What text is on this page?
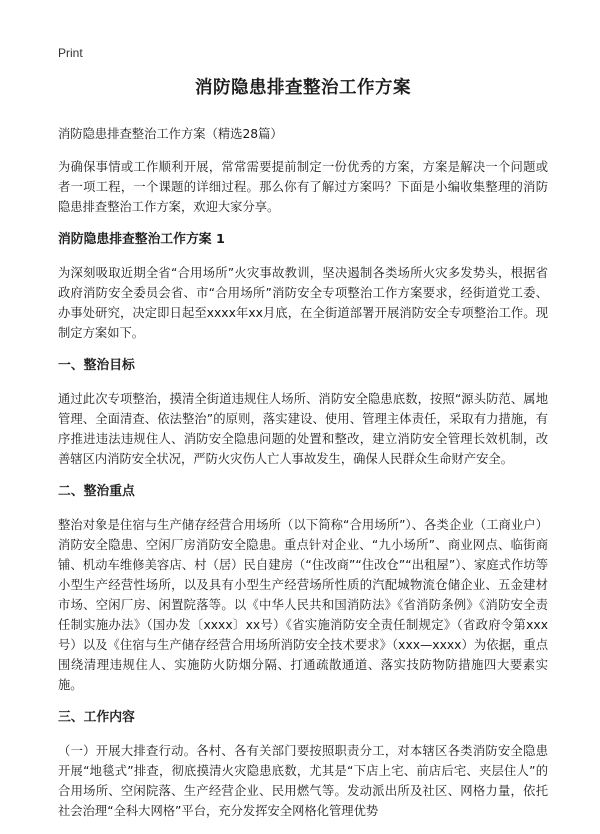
Print
消防隐患排查整治工作方案
消防隐患排查整治工作方案（精选28篇）

为确保事情或工作顺利开展，常常需要提前制定一份优秀的方案，方案是解决一个问题或者一项工程，一个课题的详细过程。那么你有了解过方案吗？下面是小编收集整理的消防隐患排查整治工作方案，欢迎大家分享。

消防隐患排查整治工作方案 1

为深刻吸取近期全省“合用场所”火灾事故教训，坚决遏制各类场所火灾多发势头，根据省政府消防安全委员会省、市“合用场所”消防安全专项整治工作方案要求，经街道党工委、办事处研究，决定即日起至xxxx年xx月底，在全街道部署开展消防安全专项整治工作。现制定方案如下。

一、整治目标

通过此次专项整治，摸清全街道违规住人场所、消防安全隐患底数，按照“源头防范、属地管理、全面清查、依法整治”的原则，落实建设、使用、管理主体责任，采取有力措施，有序推进违法违规住人、消防安全隐患问题的处置和整改，建立消防安全管理长效机制，改善辖区内消防安全状况，严防火灾伤人亡人事故发生，确保人民群众生命财产安全。

二、整治重点

整治对象是住宿与生产储存经营合用场所（以下简称“合用场所”）、各类企业（工商业户）消防安全隐患、空闲厂房消防安全隐患。重点针对企业、“九小场所”、商业网点、临街商铺、机动车维修美容店、村（居）民自建房（“住改商”“住改仓”“出租屋”）、家庭式作坊等小型生产经营性场所，以及具有小型生产经营场所性质的汽配城物流仓储企业、五金建材市场、空闲厂房、闲置院落等。以《中华人民共和国消防法》《省消防条例》《消防安全责任制实施办法》（国办发〔xxxx〕xx号）《省实施消防安全责任制规定》（省政府令第xxx号）以及《住宿与生产储存经营合用场所消防安全技术要求》（xxx—xxxx）为依据，重点围绕清理违规住人、实施防火防烟分隔、打通疏散通道、落实技防物防措施四大要素实施。

三、工作内容

（一）开展大排查行动。各村、各有关部门要按照职责分工，对本辖区各类消防安全隐患开展“地毯式”排查，彻底摸清火灾隐患底数，尤其是“下店上宅、前店后宅、夹层住人”的合用场所、空闲院落、生产经营企业、民用燃气等。发动派出所及社区、网格力量，依托社会治理“全科大网格”平台，充分发挥安全网格化管理优势
